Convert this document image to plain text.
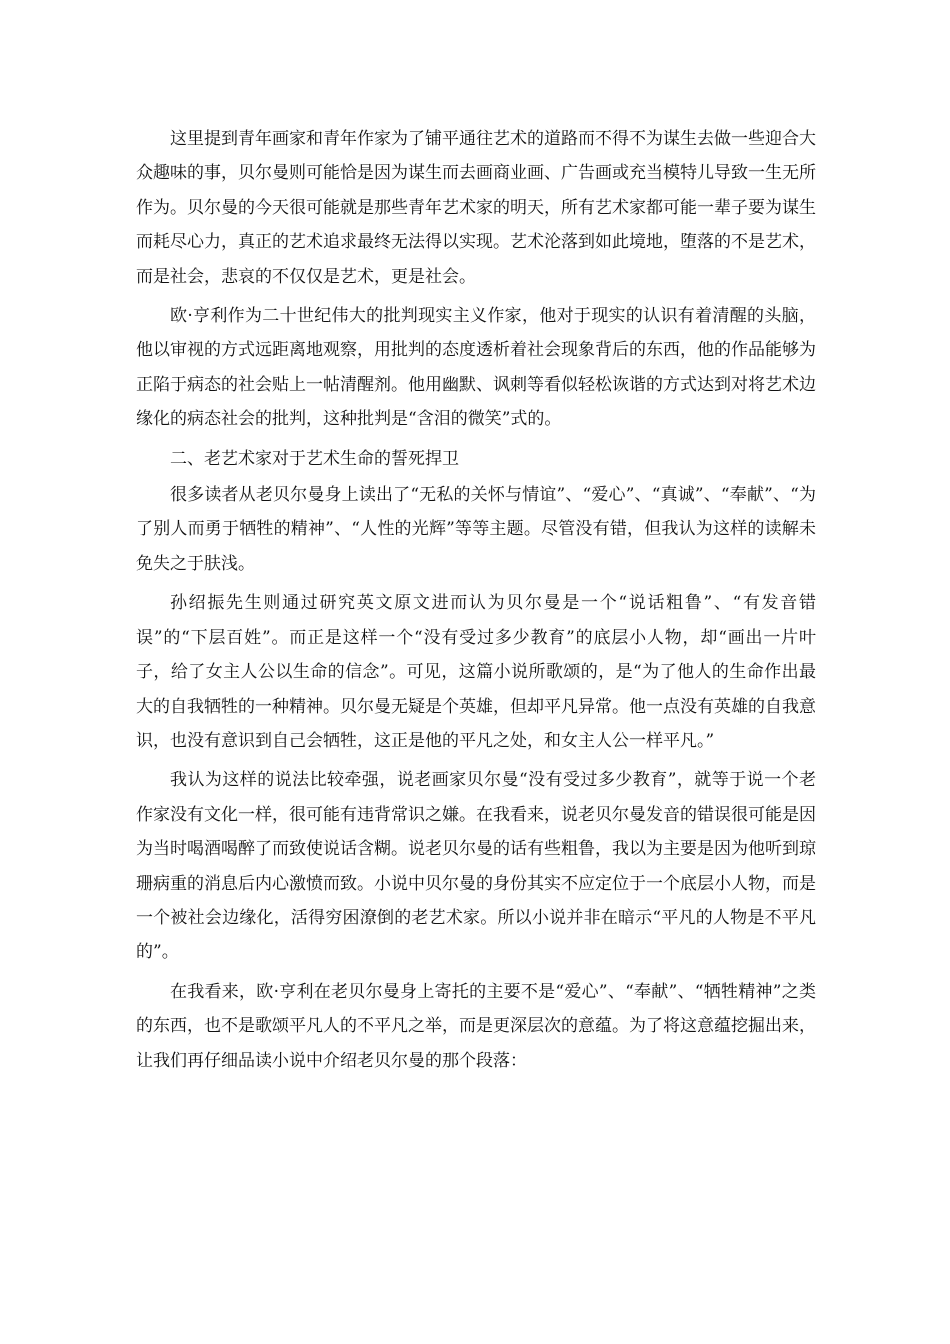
这里提到青年画家和青年作家为了铺平通往艺术的道路而不得不为谋生去做一些迎合大众趣味的事，贝尔曼则可能恰是因为谋生而去画商业画、广告画或充当模特儿导致一生无所作为。贝尔曼的今天很可能就是那些青年艺术家的明天，所有艺术家都可能一辈子要为谋生而耗尽心力，真正的艺术追求最终无法得以实现。艺术沦落到如此境地，堕落的不是艺术，而是社会，悲哀的不仅仅是艺术，更是社会。

欧·亨利作为二十世纪伟大的批判现实主义作家，他对于现实的认识有着清醒的头脑，他以审视的方式远距离地观察，用批判的态度透析着社会现象背后的东西，他的作品能够为正陷于病态的社会贴上一帖清醒剂。他用幽默、讽刺等看似轻松诙谐的方式达到对将艺术边缘化的病态社会的批判，这种批判是“含泪的微笑”式的。

二、老艺术家对于艺术生命的誓死捍卫

很多读者从老贝尔曼身上读出了“无私的关怀与情谊”、“爱心”、“真诚”、“奉献”、“为了别人而勇于牺牲的精神”、“人性的光辉”等等主题。尽管没有错，但我认为这样的读解未免失之于肤浅。

孙绍振先生则通过研究英文原文进而认为贝尔曼是一个“说话粗鲁”、“有发音错误”的“下层百姓”。而正是这样一个“没有受过多少教育”的底层小人物，却“画出一片叶子，给了女主人公以生命的信念”。可见，这篇小说所歌颂的，是“为了他人的生命作出最大的自我牺牲的一种精神。贝尔曼无疑是个英雄，但却平凡异常。他一点没有英雄的自我意识，也没有意识到自己会牺牲，这正是他的平凡之处，和女主人公一样平凡。”

我认为这样的说法比较牵强，说老画家贝尔曼“没有受过多少教育”，就等于说一个老作家没有文化一样，很可能有违背常识之嫌。在我看来，说老贝尔曼发音的错误很可能是因为当时喝酒喝醉了而致使说话含糊。说老贝尔曼的话有些粗鲁，我以为主要是因为他听到琼珊病重的消息后内心激愤而致。小说中贝尔曼的身份其实不应定位于一个底层小人物，而是一个被社会边缘化，活得穷困潦倒的老艺术家。所以小说并非在暗示“平凡的人物是不平凡的”。

在我看来，欧·亨利在老贝尔曼身上寄托的主要不是“爱心”、“奉献”、“牺牲精神”之类的东西，也不是歌颂平凡人的不平凡之举，而是更深层次的意蕴。为了将这意蕴挖掘出来，让我们再仔细品读小说中介绍老贝尔曼的那个段落：
